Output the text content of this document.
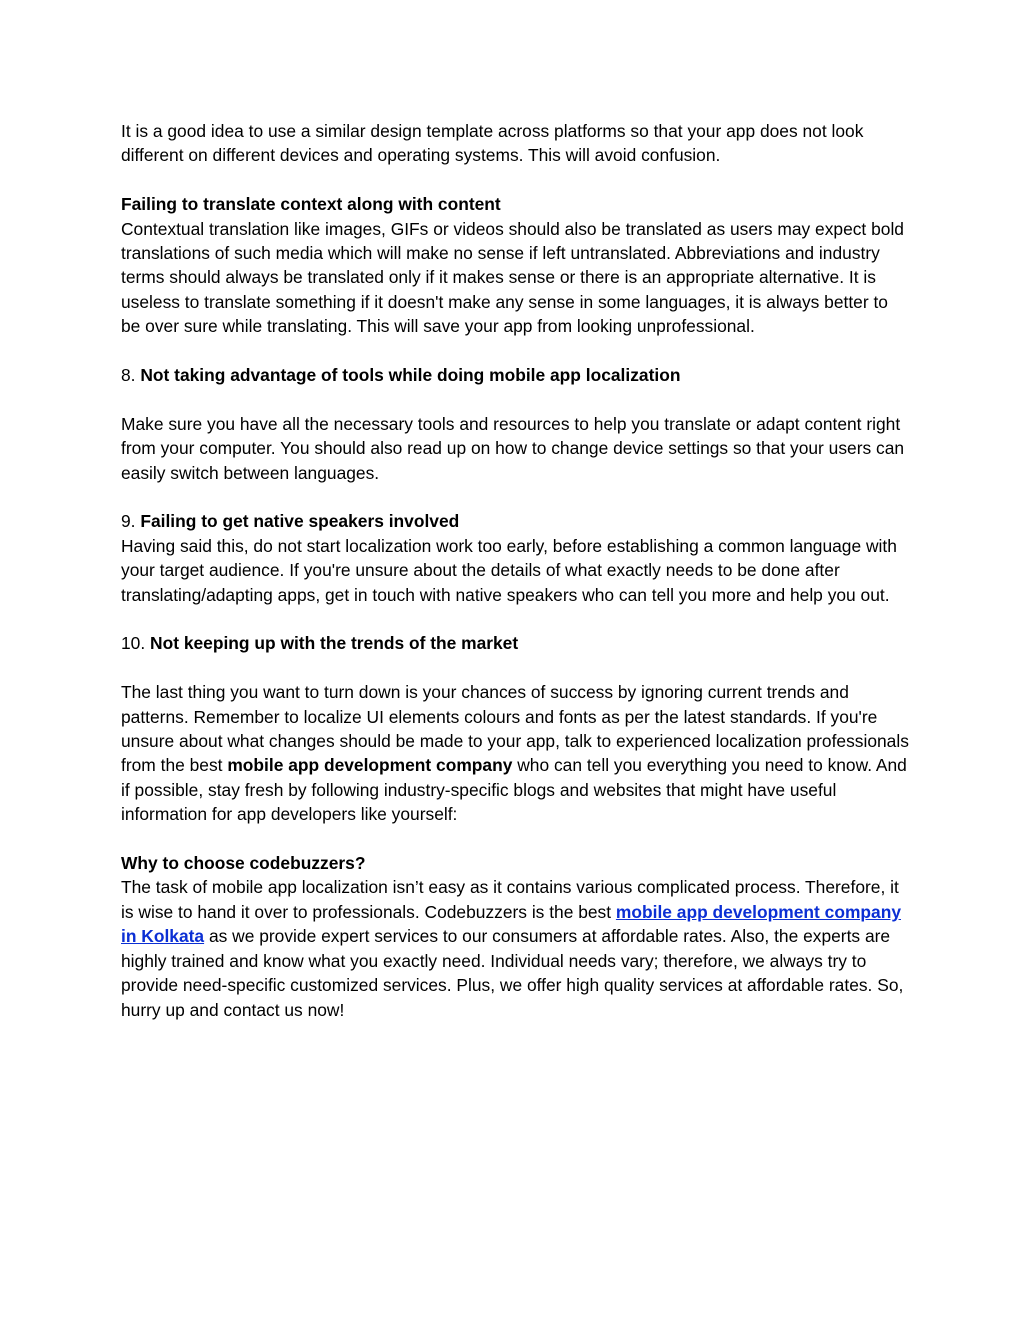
It is a good idea to use a similar design template across platforms so that your app does not look different on different devices and operating systems. This will avoid confusion.

Failing to translate context along with content
Contextual translation like images, GIFs or videos should also be translated as users may expect bold translations of such media which will make no sense if left untranslated. Abbreviations and industry terms should always be translated only if it makes sense or there is an appropriate alternative. It is useless to translate something if it doesn't make any sense in some languages, it is always better to be over sure while translating. This will save your app from looking unprofessional.
8. Not taking advantage of tools while doing mobile app localization

Make sure you have all the necessary tools and resources to help you translate or adapt content right from your computer. You should also read up on how to change device settings so that your users can easily switch between languages.

9. Failing to get native speakers involved
Having said this, do not start localization work too early, before establishing a common language with your target audience. If you're unsure about the details of what exactly needs to be done after translating/adapting apps, get in touch with native speakers who can tell you more and help you out.
10. Not keeping up with the trends of the market

The last thing you want to turn down is your chances of success by ignoring current trends and patterns. Remember to localize UI elements colours and fonts as per the latest standards. If you're unsure about what changes should be made to your app, talk to experienced localization professionals from the best mobile app development company who can tell you everything you need to know. And if possible, stay fresh by following industry-specific blogs and websites that might have useful information for app developers like yourself:

Why to choose codebuzzers?
The task of mobile app localization isn’t easy as it contains various complicated process. Therefore, it is wise to hand it over to professionals. Codebuzzers is the best mobile app development company in Kolkata as we provide expert services to our consumers at affordable rates. Also, the experts are highly trained and know what you exactly need. Individual needs vary; therefore, we always try to provide need-specific customized services. Plus, we offer high quality services at affordable rates. So, hurry up and contact us now!
